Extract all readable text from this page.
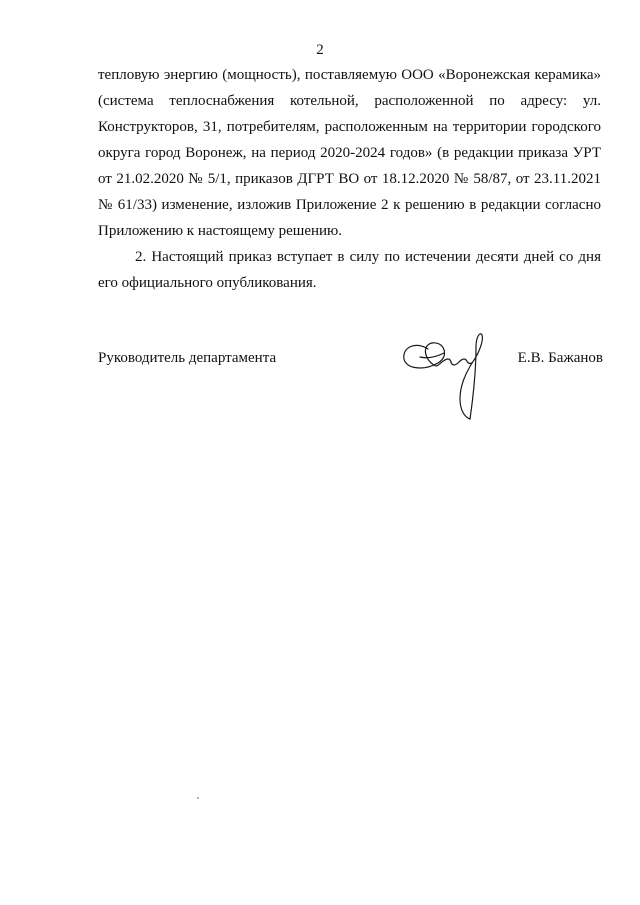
2
тепловую энергию (мощность), поставляемую ООО «Воронежская керамика»
(система теплоснабжения котельной, расположенной по адресу: ул.
Конструкторов, 31, потребителям, расположенным на территории городского
округа город Воронеж, на период 2020-2024 годов» (в редакции приказа УРТ
от 21.02.2020 № 5/1, приказов ДГРТ ВО от 18.12.2020 № 58/87, от 23.11.2021
№ 61/33) изменение, изложив Приложение 2 к решению в редакции согласно
Приложению к настоящему решению.
2. Настоящий приказ вступает в силу по истечении десяти дней со дня
его официального опубликования.
Руководитель департамента	Е.В. Бажанов
